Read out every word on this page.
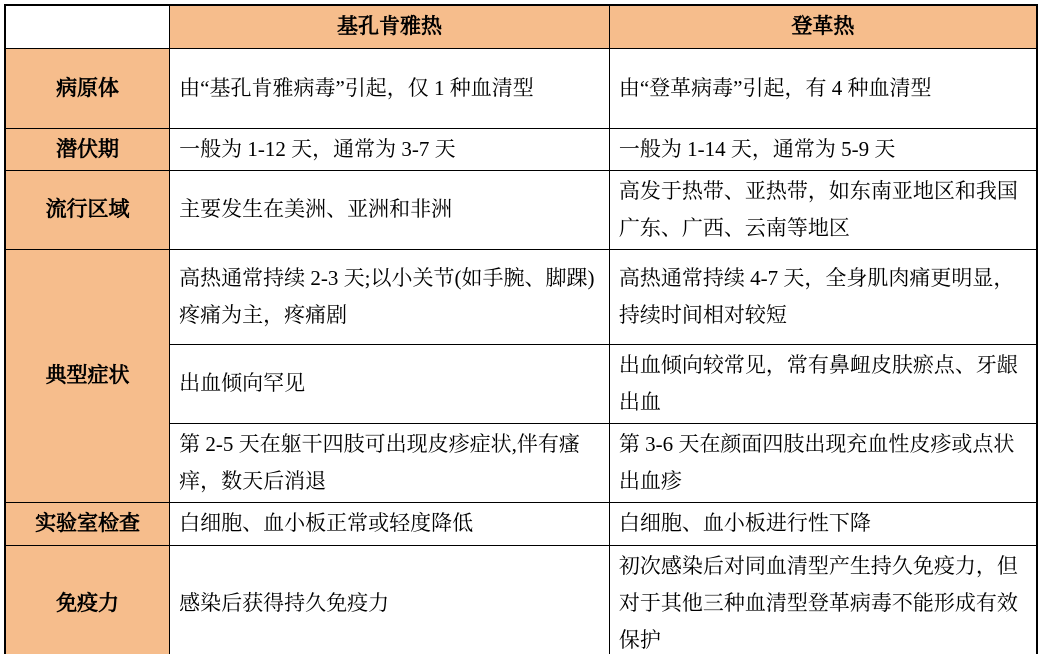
	基孔肯雅热	登革热
病原体	由“基孔肯雅病毒”引起，仅 1 种血清型	由“登革病毒”引起，有 4 种血清型
潜伏期	一般为 1-12 天，通常为 3-7 天	一般为 1-14 天，通常为 5-9 天
流行区域	主要发生在美洲、亚洲和非洲	高发于热带、亚热带，如东南亚地区和我国广东、广西、云南等地区
典型症状	高热通常持续 2-3 天;以小关节(如手腕、脚踝)疼痛为主，疼痛剧	高热通常持续 4-7 天，全身肌肉痛更明显，持续时间相对较短
	出血倾向罕见	出血倾向较常见，常有鼻衄皮肤瘀点、牙龈出血
	第 2-5 天在躯干四肢可出现皮疹症状,伴有瘙痒，数天后消退	第 3-6 天在颜面四肢出现充血性皮疹或点状出血疹
实验室检查	白细胞、血小板正常或轻度降低	白细胞、血小板进行性下降
免疫力	感染后获得持久免疫力	初次感染后对同血清型产生持久免疫力，但对于其他三种血清型登革病毒不能形成有效保护
